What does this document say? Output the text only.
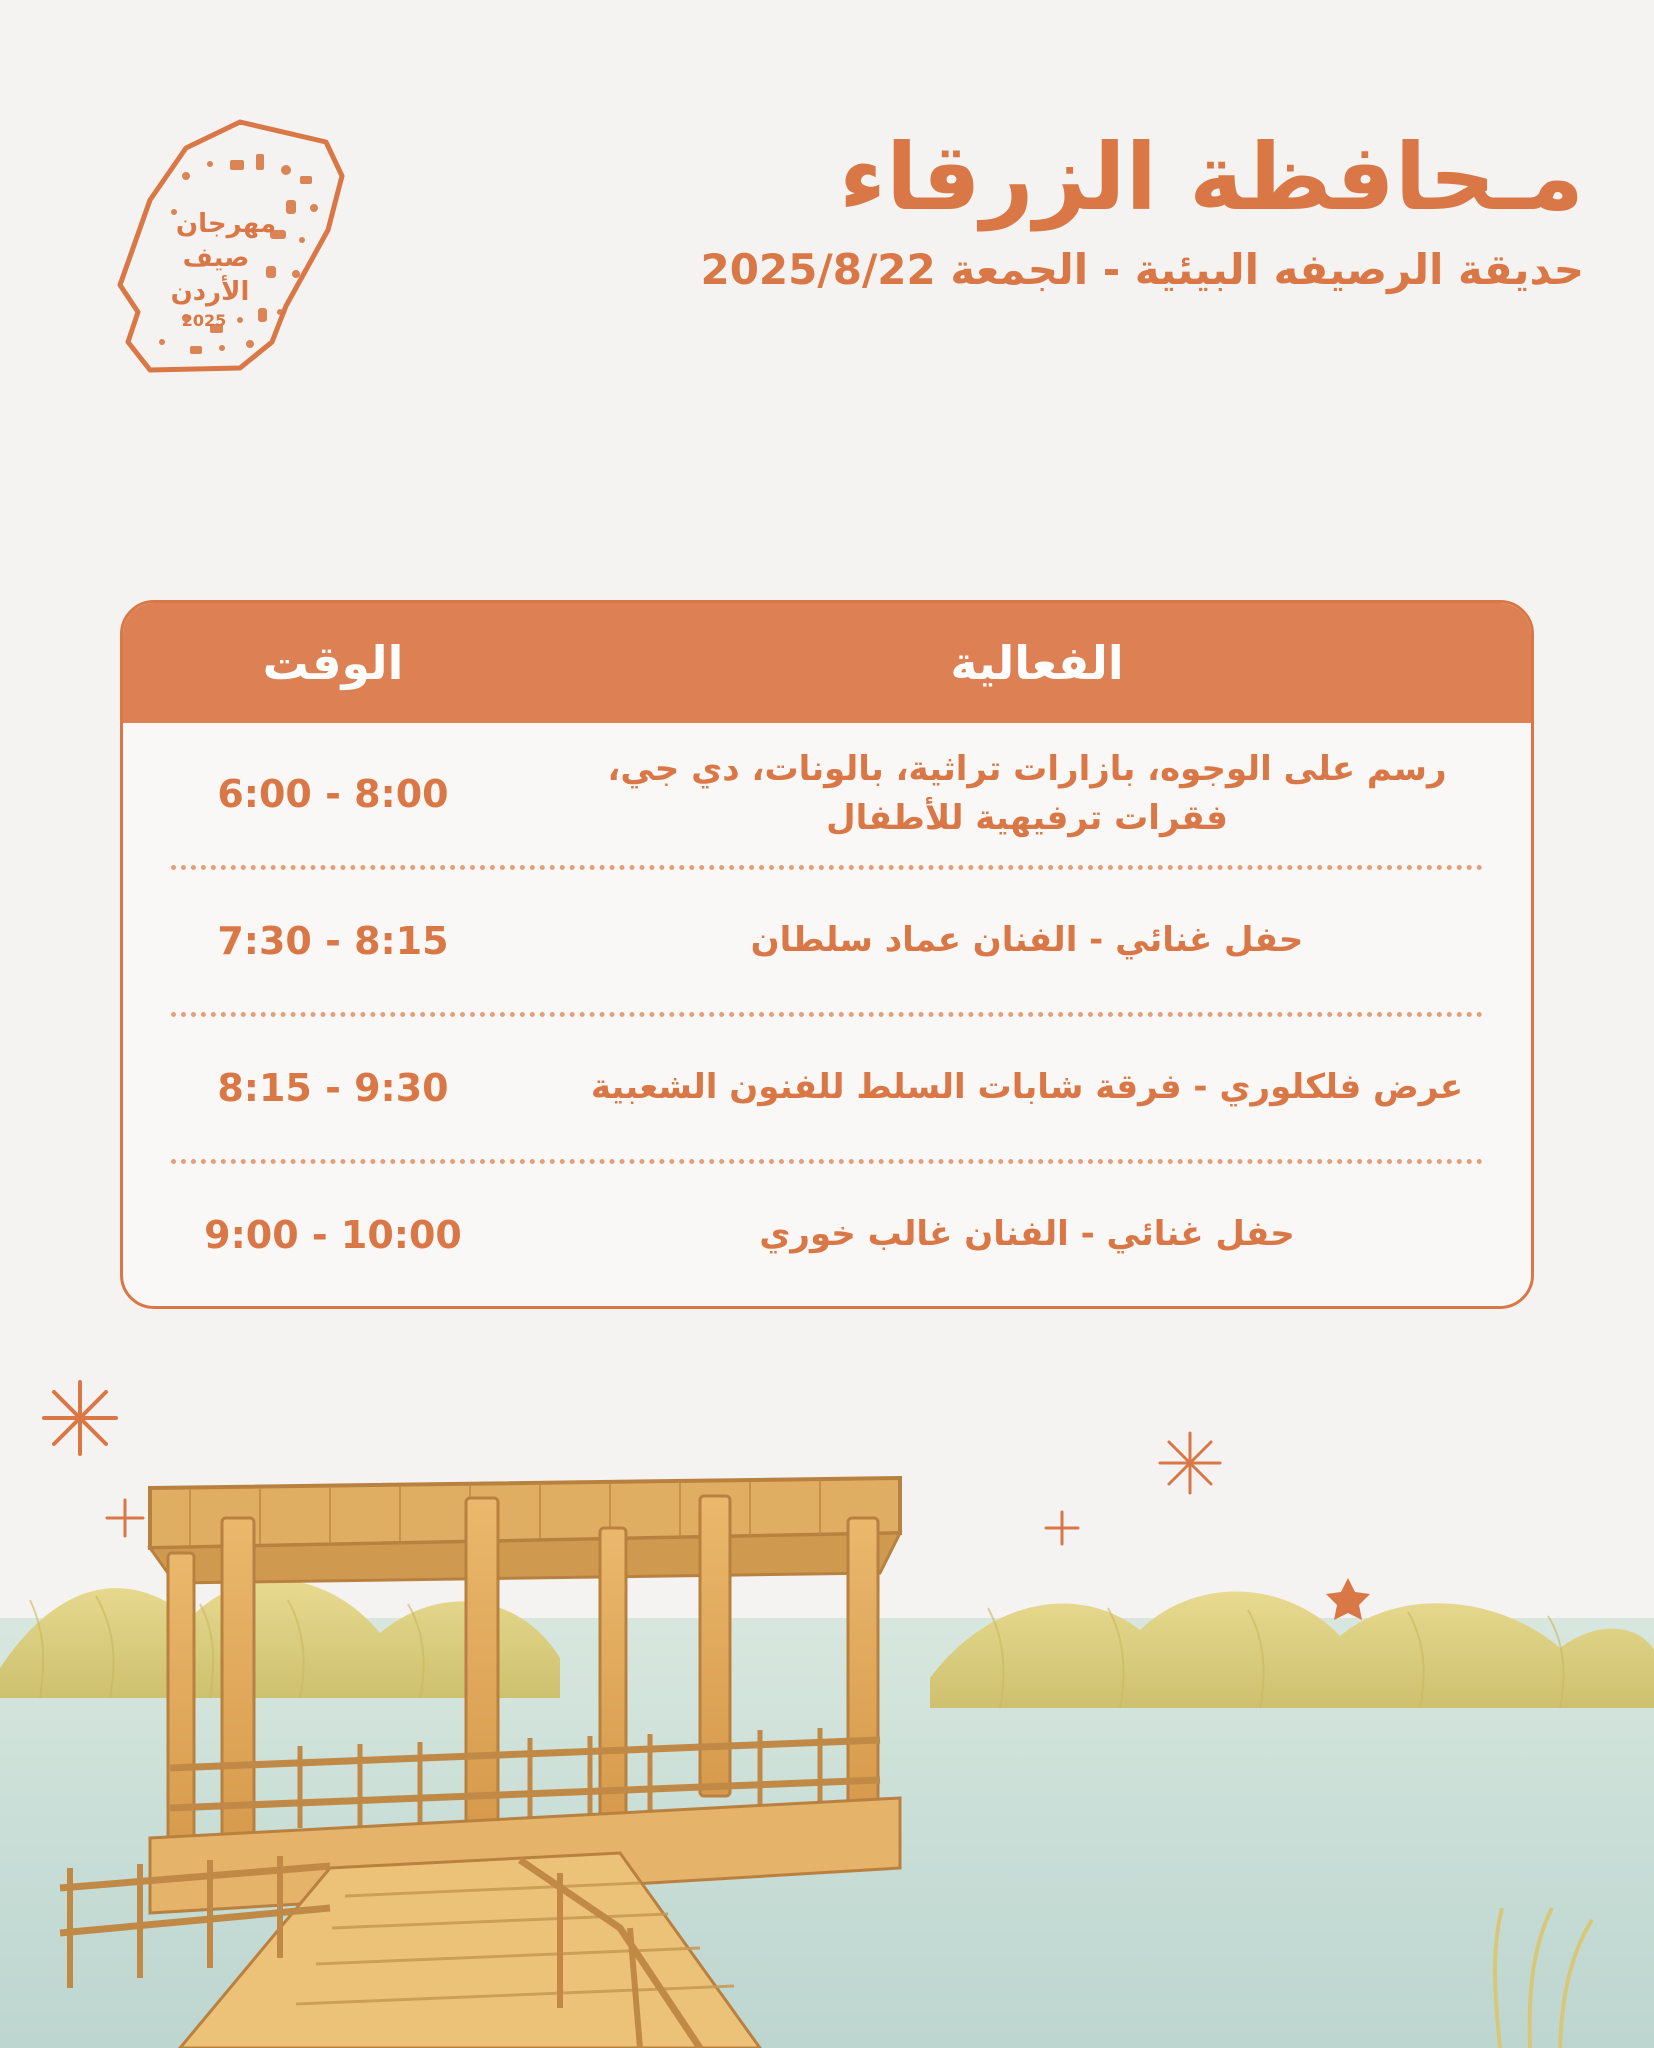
مـحافظة الزرقاء
حديقة الرصيفه البيئية - الجمعة 2025/8/22
مهرجان
صيف
الأردن
2025
الفعالية
الوقت
رسم على الوجوه، بازارات تراثية، بالونات، دي جي، فقرات ترفيهية للأطفال
6:00 - 8:00
حفل غنائي - الفنان عماد سلطان
7:30 - 8:15
عرض فلكلوري - فرقة شابات السلط للفنون الشعبية
8:15 - 9:30
حفل غنائي - الفنان غالب خوري
9:00 - 10:00
